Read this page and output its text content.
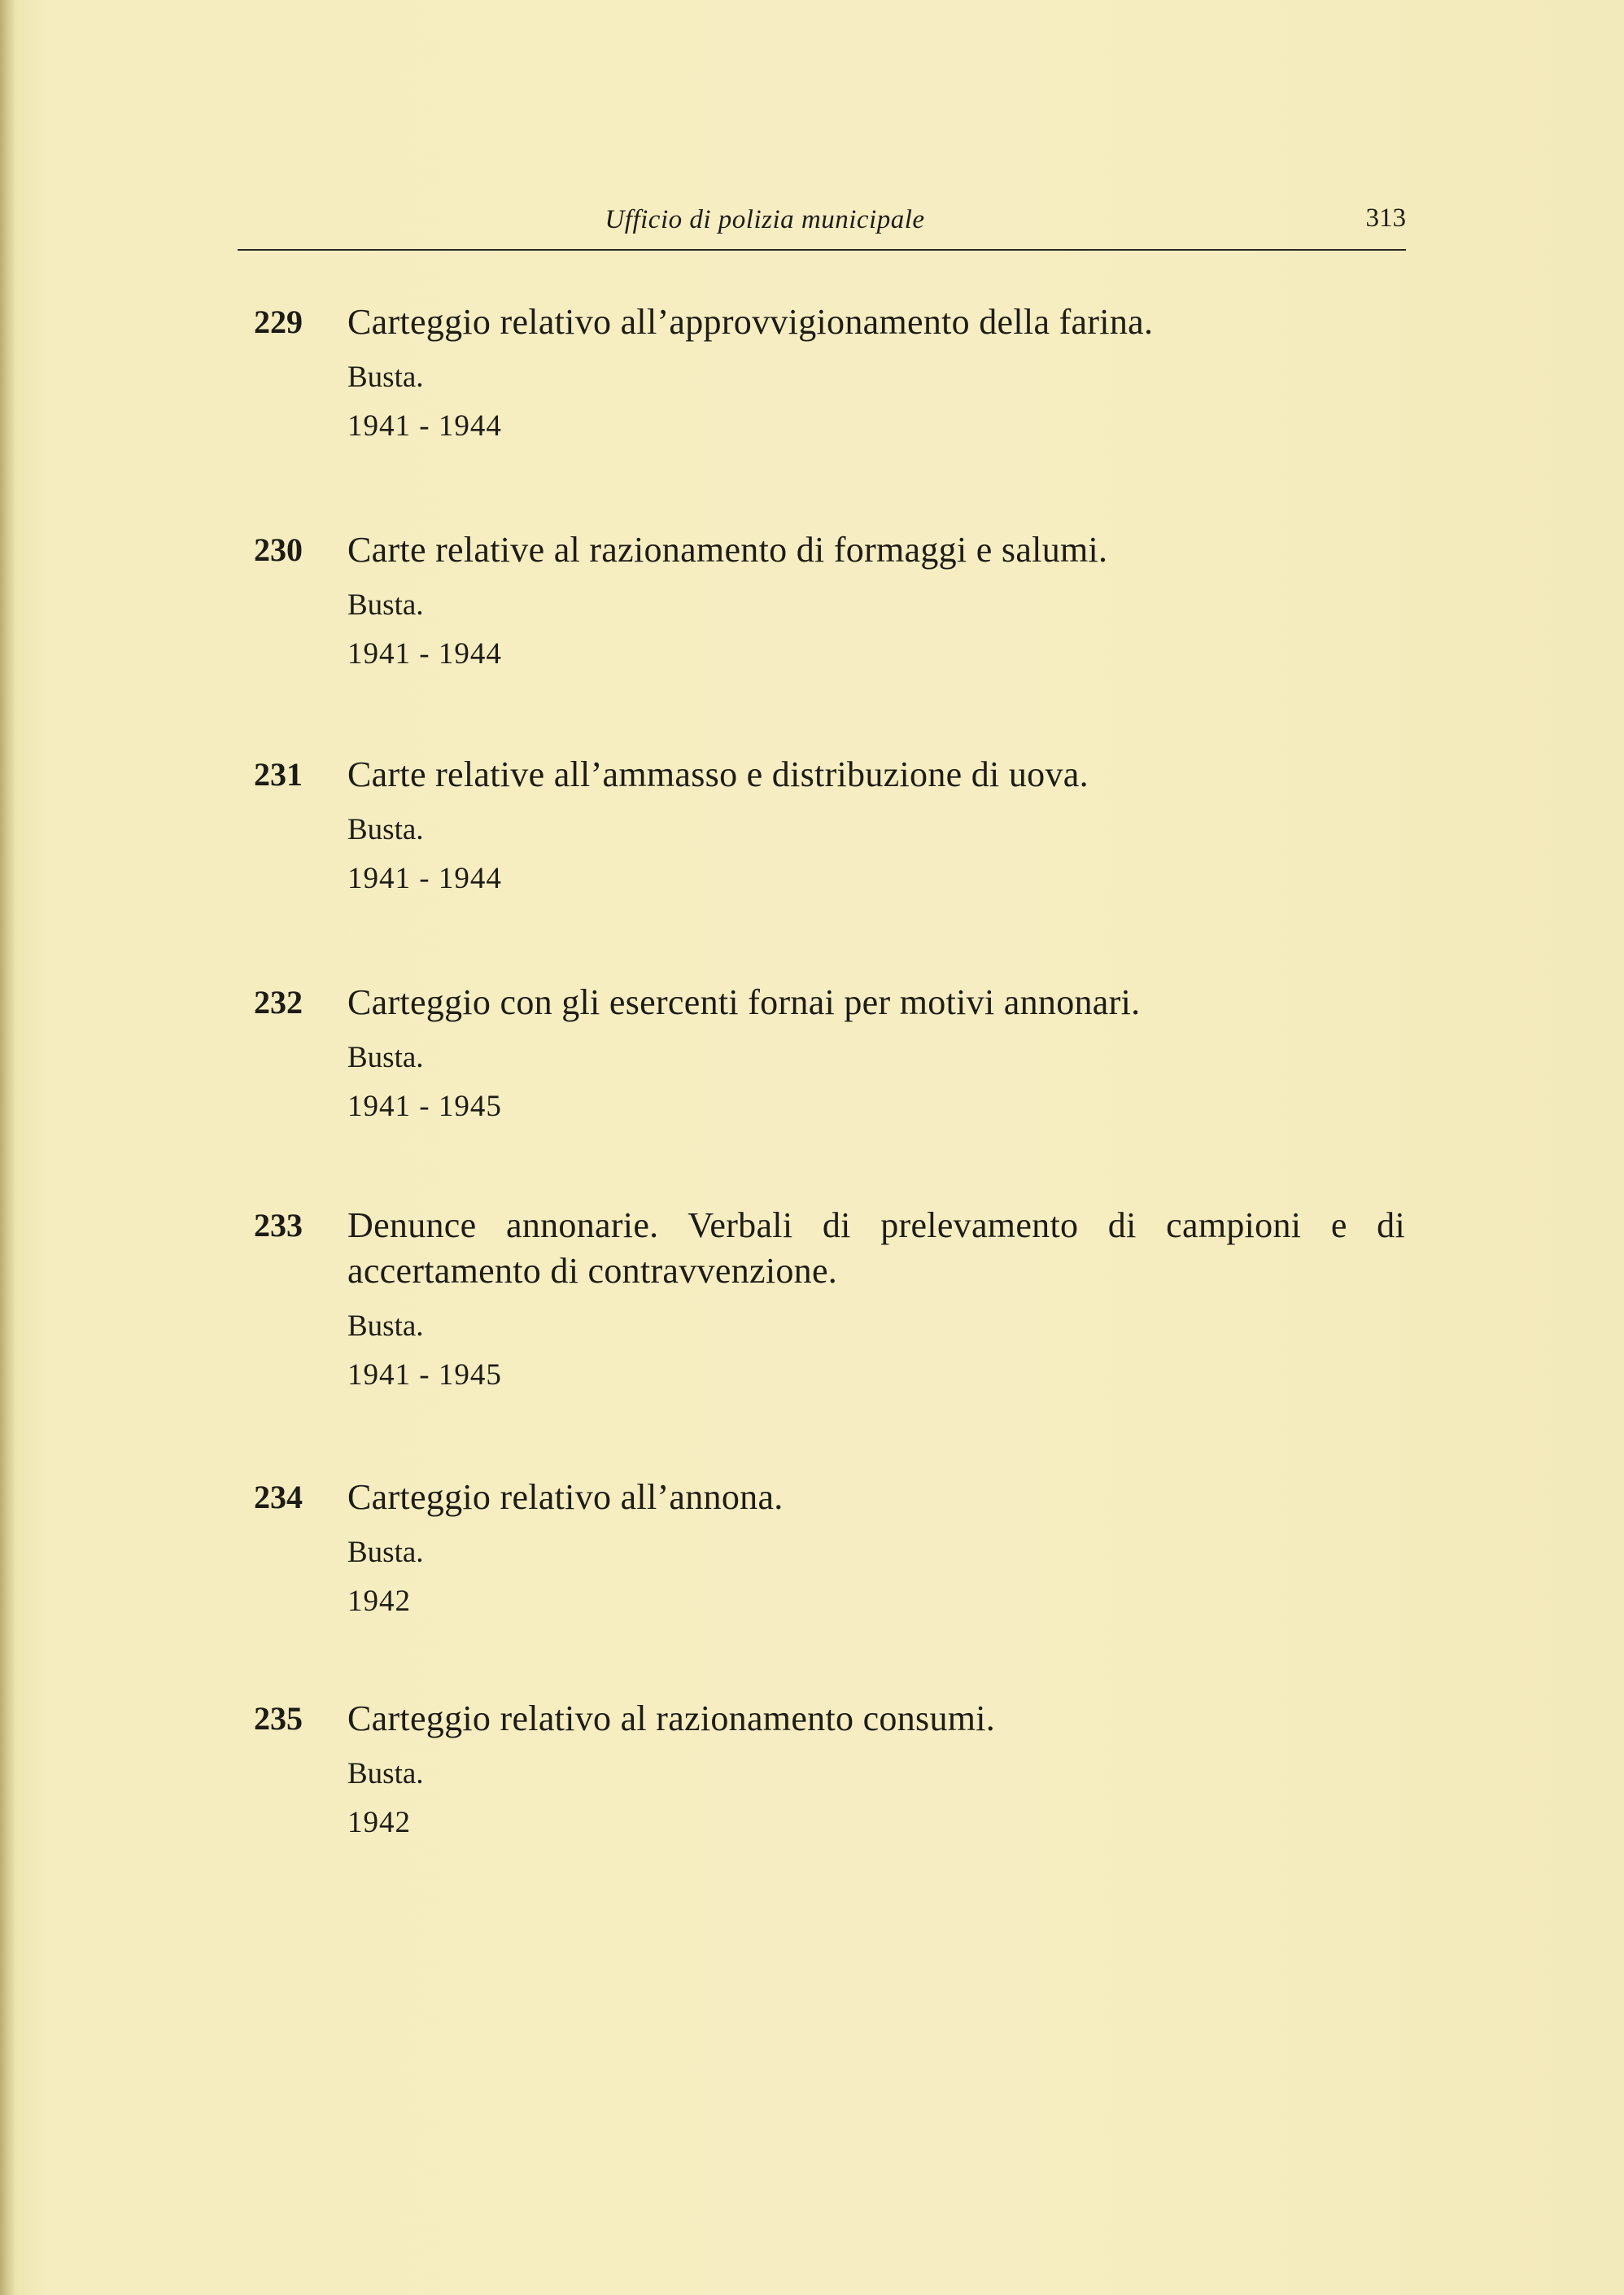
Ufficio di polizia municipale	313
229	Carteggio relativo all’approvvigionamento della farina.

Busta.
1941 - 1944
230	Carte relative al razionamento di formaggi e salumi.

Busta.
1941 - 1944
231	Carte relative all’ammasso e distribuzione di uova.

Busta.
1941 - 1944
232	Carteggio con gli esercenti fornai per motivi annonari.

Busta.
1941 - 1945
233	Denunce annonarie. Verbali di prelevamento di campioni e di accertamento di contravvenzione.

Busta.
1941 - 1945
234	Carteggio relativo all’annona.

Busta.
1942
235	Carteggio relativo al razionamento consumi.

Busta.
1942
